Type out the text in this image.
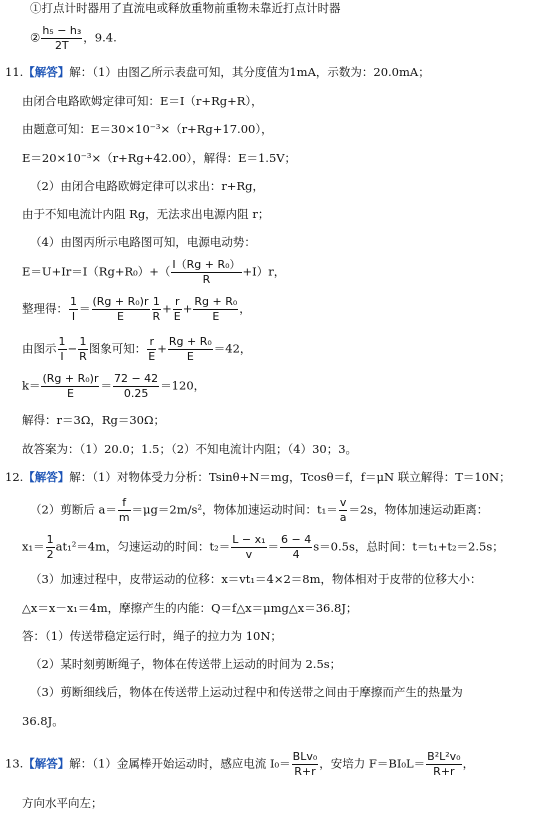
①打点计时器用了直流电或释放重物前重物未靠近打点计时器
② $\frac{\text{h₅ − h₃}}{2T}$ ，9.4.
11.【解答】解：（1）由图乙所示表盘可知，其分度值为1mA，示数为：20.0mA；
由闭合电路欧姆定律可知：E＝I（r+Rg+R），
由题意可知：E＝30×10⁻³×（r+Rg+17.00），
E＝20×10⁻³×（r+Rg+42.00），解得：E＝1.5V；
（2）由闭合电路欧姆定律可以求出：r+Rg，
由于不知电流计内阻 Rg，无法求出电源内阻 r；
（4）由图丙所示电路图可知，电源电动势：
$E=U+Ir=I(Rg+R_0)+( \frac{\text{I（Rg + R₀）}}{R} +I)r$，
整理得： $\frac{1}{I} = \frac{\text{(Rg + R₀)r}}{E} \frac{1}{R} + \frac{r}{E} + \frac{\text{Rg + R₀}}{E}$ ，
由图示 $\frac{1}{I} - \frac{1}{R}$ 图象可知： $\frac{r}{E} + \frac{\text{Rg + R₀}}{E} =42$，
$k= \frac{\text{(Rg + R₀)r}}{E} = \frac{72 - 42}{0.25} =120$，
解得：r＝3Ω，Rg＝30Ω；
故答案为：（1）20.0；1.5；（2）不知电流计内阻；（4）30；3。
12.【解答】解：（1）对物体受力分析：Tsinθ+N＝mg，Tcosθ＝f，f＝μN 联立解得：T＝10N；
（2）剪断后 $a= \frac{f}{m} =\mu g=2m/s^2$，物体加速运动时间：$t_1= \frac{v}{a} =2s$，物体加速运动距离：
$x_1= \frac{1}{2} at_1^2=4m$，匀速运动的时间：$t_2= \frac{\text{L − x₁}}{v} = \frac{6 - 4}{4} s=0.5s$，总时间：t＝t₁+t₂＝2.5s；
（3）加速过程中，皮带运动的位移：x＝vt₁＝4×2＝8m，物体相对于皮带的位移大小：
△x＝x－x₁＝4m，摩擦产生的内能：Q＝f△x＝μmg△x＝36.8J；
答：（1）传送带稳定运行时，绳子的拉力为 10N；
（2）某时刻剪断绳子，物体在传送带上运动的时间为 2.5s；
（3）剪断细线后，物体在传送带上运动过程中和传送带之间由于摩擦而产生的热量为
36.8J。
13.【解答】解：（1）金属棒开始运动时，感应电流 $I_0= \frac{\text{BLv₀}}{R+r}$ ，安培力 $F=BI_0L= \frac{\text{B²L²v₀}}{R+r}$ ，
方向水平向左；
